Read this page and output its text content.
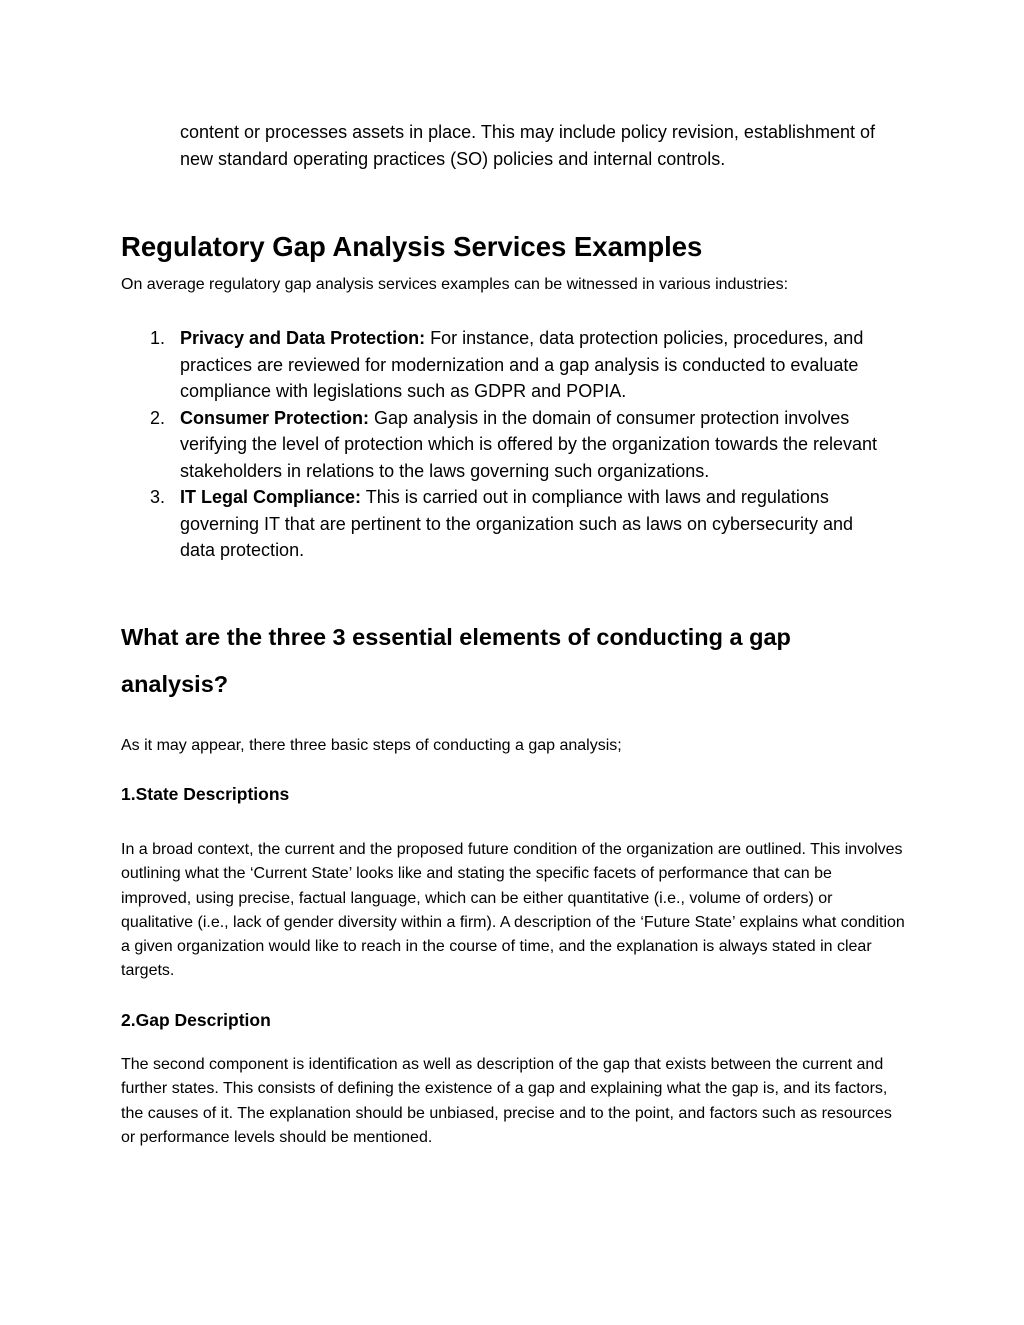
content or processes assets in place. This may include policy revision, establishment of new standard operating practices (SO) policies and internal controls.

Regulatory Gap Analysis Services Examples

On average regulatory gap analysis services examples can be witnessed in various industries:

1. Privacy and Data Protection: For instance, data protection policies, procedures, and practices are reviewed for modernization and a gap analysis is conducted to evaluate compliance with legislations such as GDPR and POPIA.
2. Consumer Protection: Gap analysis in the domain of consumer protection involves verifying the level of protection which is offered by the organization towards the relevant stakeholders in relations to the laws governing such organizations.
3. IT Legal Compliance: This is carried out in compliance with laws and regulations governing IT that are pertinent to the organization such as laws on cybersecurity and data protection.
What are the three 3 essential elements of conducting a gap analysis?

As it may appear, there three basic steps of conducting a gap analysis;

1.State Descriptions

In a broad context, the current and the proposed future condition of the organization are outlined. This involves outlining what the ‘Current State’ looks like and stating the specific facets of performance that can be improved, using precise, factual language, which can be either quantitative (i.e., volume of orders) or qualitative (i.e., lack of gender diversity within a firm). A description of the ‘Future State’ explains what condition a given organization would like to reach in the course of time, and the explanation is always stated in clear targets.

2.Gap Description

The second component is identification as well as description of the gap that exists between the current and further states. This consists of defining the existence of a gap and explaining what the gap is, and its factors, the causes of it. The explanation should be unbiased, precise and to the point, and factors such as resources or performance levels should be mentioned.
